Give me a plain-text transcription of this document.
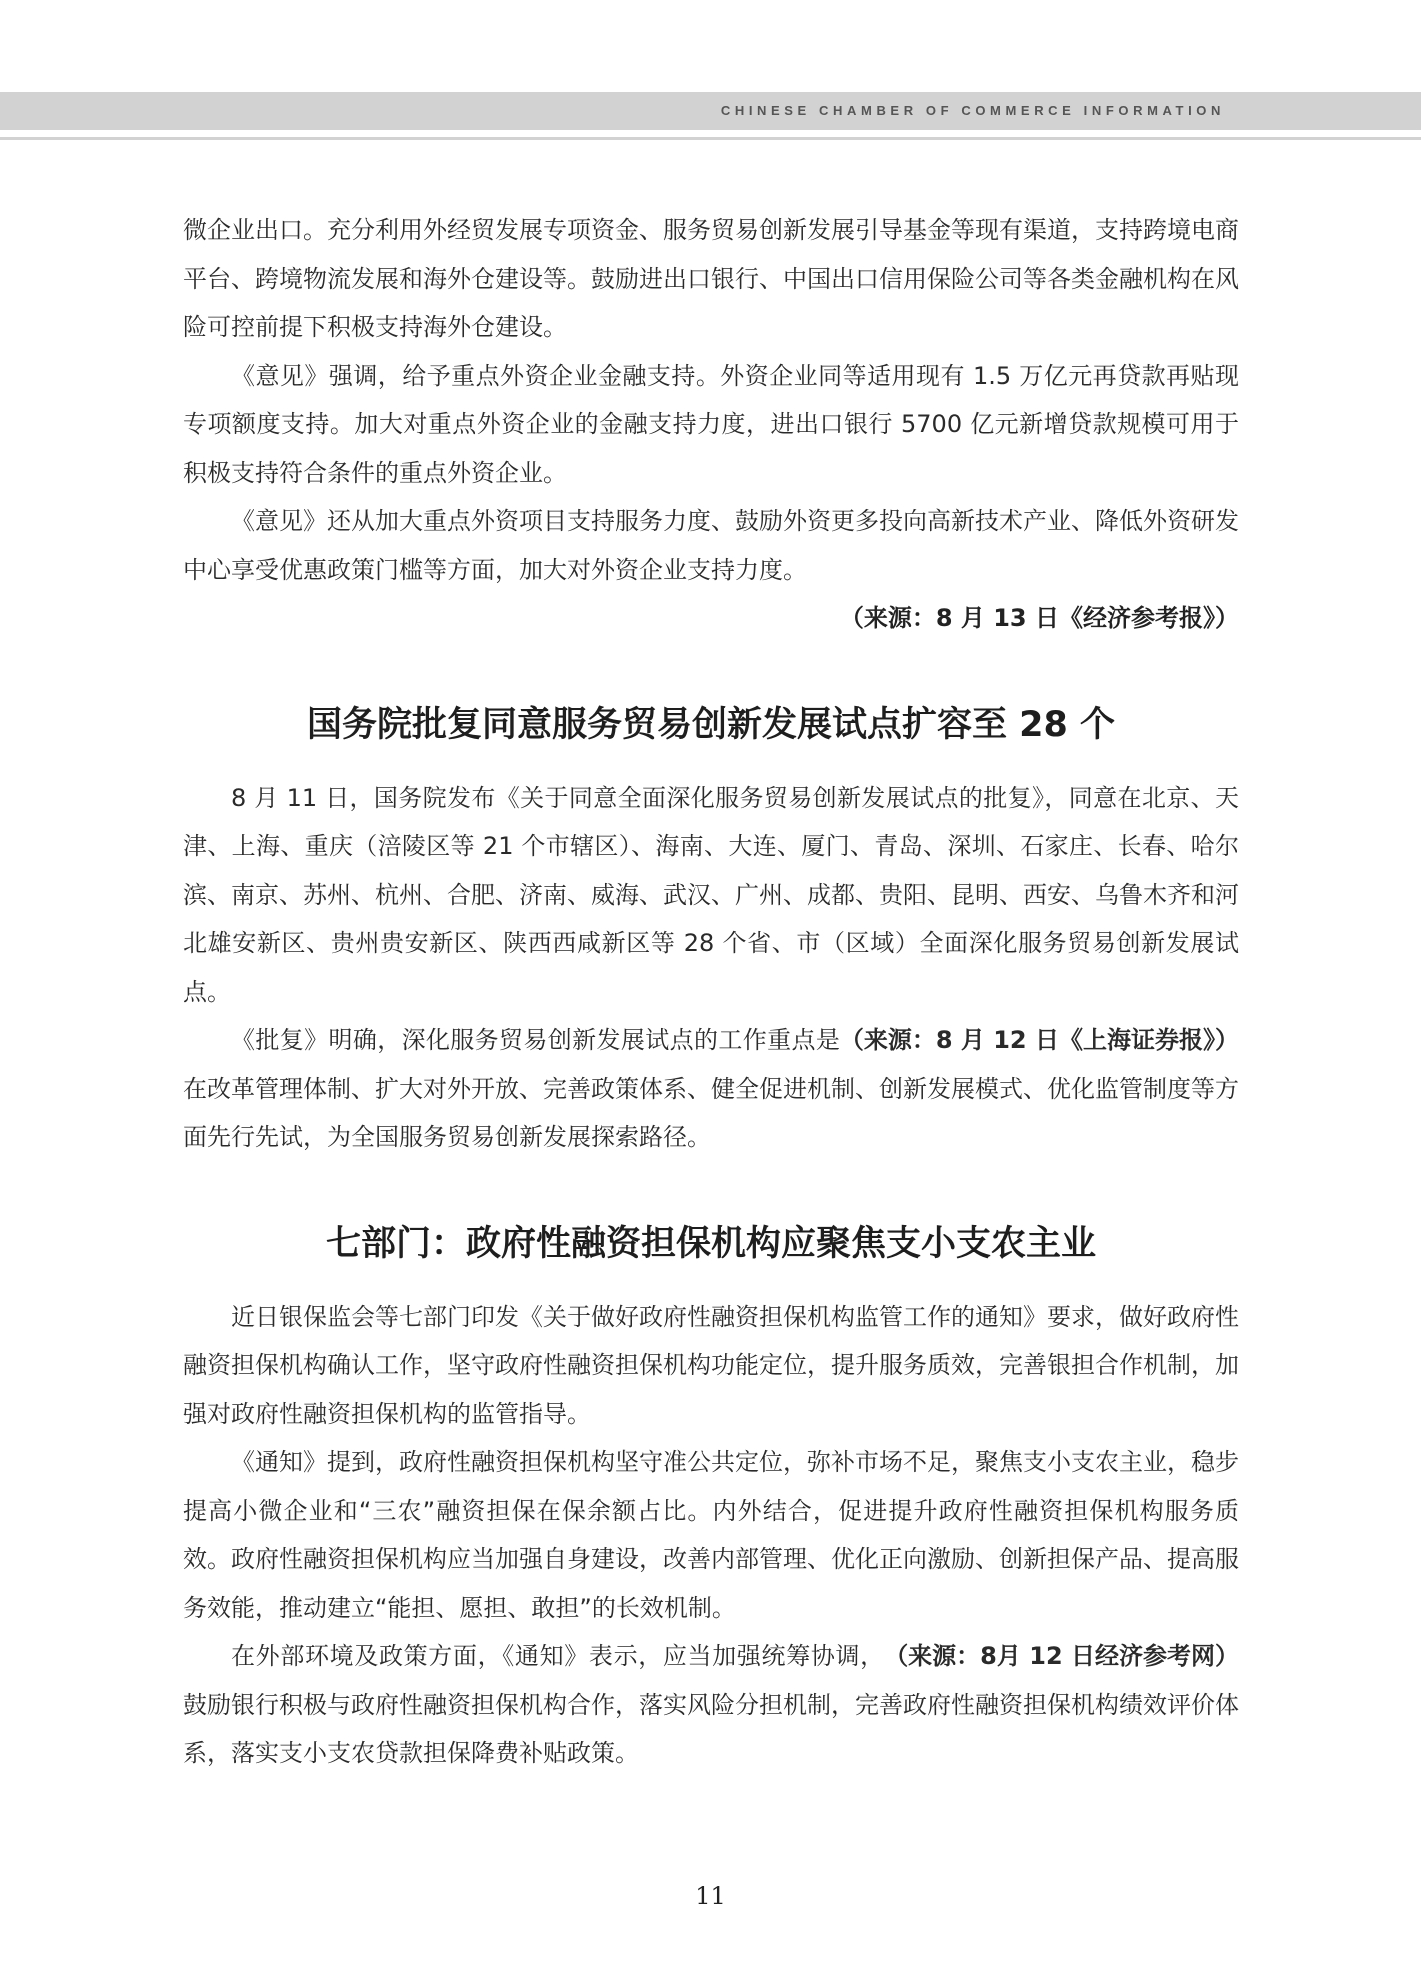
CHINESE CHAMBER OF COMMERCE INFORMATION

微企业出口。充分利用外经贸发展专项资金、服务贸易创新发展引导基金等现有渠道，支持跨境电商平台、跨境物流发展和海外仓建设等。鼓励进出口银行、中国出口信用保险公司等各类金融机构在风险可控前提下积极支持海外仓建设。

《意见》强调，给予重点外资企业金融支持。外资企业同等适用现有 1.5 万亿元再贷款再贴现专项额度支持。加大对重点外资企业的金融支持力度，进出口银行 5700 亿元新增贷款规模可用于积极支持符合条件的重点外资企业。

《意见》还从加大重点外资项目支持服务力度、鼓励外资更多投向高新技术产业、降低外资研发中心享受优惠政策门槛等方面，加大对外资企业支持力度。

（来源：8 月 13 日《经济参考报》）

国务院批复同意服务贸易创新发展试点扩容至 28 个

8 月 11 日，国务院发布《关于同意全面深化服务贸易创新发展试点的批复》，同意在北京、天津、上海、重庆（涪陵区等 21 个市辖区）、海南、大连、厦门、青岛、深圳、石家庄、长春、哈尔滨、南京、苏州、杭州、合肥、济南、威海、武汉、广州、成都、贵阳、昆明、西安、乌鲁木齐和河北雄安新区、贵州贵安新区、陕西西咸新区等 28 个省、市（区域）全面深化服务贸易创新发展试点。

（来源：8 月 12 日《上海证券报》）
《批复》明确，深化服务贸易创新发展试点的工作重点是在改革管理体制、扩大对外开放、完善政策体系、健全促进机制、创新发展模式、优化监管制度等方面先行先试，为全国服务贸易创新发展探索路径。

七部门：政府性融资担保机构应聚焦支小支农主业

近日银保监会等七部门印发《关于做好政府性融资担保机构监管工作的通知》要求，做好政府性融资担保机构确认工作，坚守政府性融资担保机构功能定位，提升服务质效，完善银担合作机制，加强对政府性融资担保机构的监管指导。

《通知》提到，政府性融资担保机构坚守准公共定位，弥补市场不足，聚焦支小支农主业，稳步提高小微企业和“三农”融资担保在保余额占比。内外结合，促进提升政府性融资担保机构服务质效。政府性融资担保机构应当加强自身建设，改善内部管理、优化正向激励、创新担保产品、提高服务效能，推动建立“能担、愿担、敢担”的长效机制。

（来源：8月 12 日经济参考网）
在外部环境及政策方面，《通知》表示，应当加强统筹协调，鼓励银行积极与政府性融资担保机构合作，落实风险分担机制，完善政府性融资担保机构绩效评价体系，落实支小支农贷款担保降费补贴政策。

11
